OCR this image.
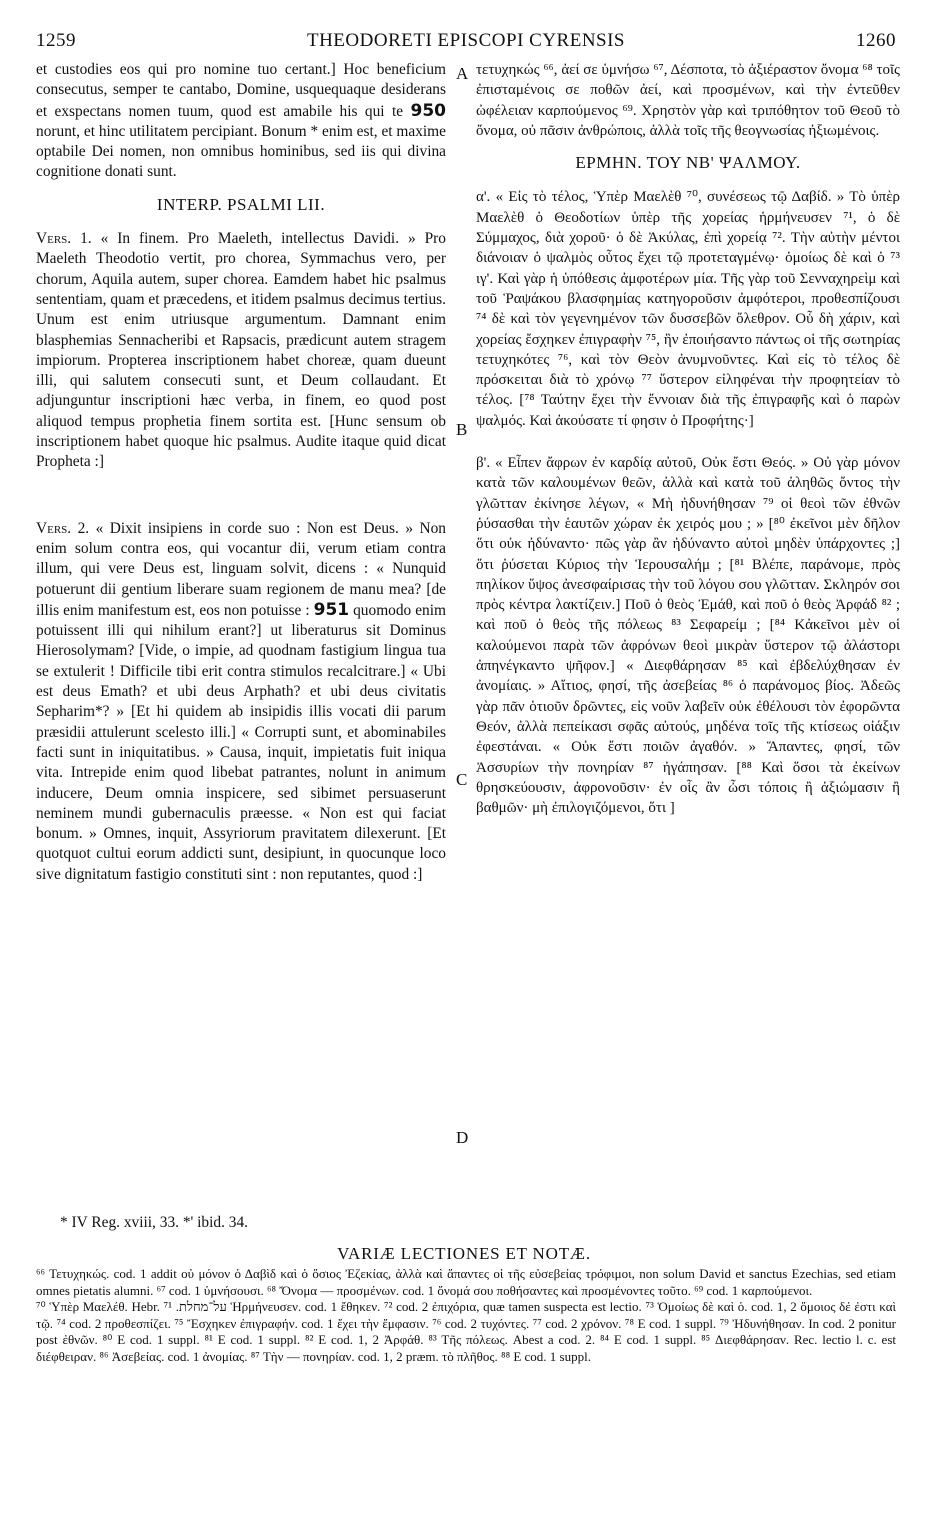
1259	THEODORETI EPISCOPI CYRENSIS	1260

et custodies eos qui pro nomine tuo certant.] Hoc beneficium consecutus, semper te cantabo, Domine, usquequaque desiderans et exspectans nomen tuum, quod est amabile his qui te 950 norunt, et hinc utilitatem percipiant. Bonum * enim est, et maxime optabile Dei nomen, non omnibus hominibus, sed iis qui divina cognitione donati sunt.

INTERP. PSALMI LII.

Vers. 1. « In finem. Pro Maeleth, intellectus Davidi. » Pro Maeleth Theodotio vertit, pro chorea, Symmachus vero, per chorum, Aquila autem, super chorea. Eamdem habet hic psalmus sententiam, quam et præcedens, et itidem psalmus decimus tertius. Unum est enim utriusque argumentum. Damnant enim blasphemias Sennacheribi et Rapsacis, prædicunt autem stragem impiorum. Propterea inscriptionem habet choreæ, quam dueunt illi, qui salutem consecuti sunt, et Deum collaudant. Et adjunguntur inscriptioni hæc verba, in finem, eo quod post aliquod tempus prophetia finem sortita est. [Hunc sensum ob inscriptionem habet quoque hic psalmus. Audite itaque quid dicat Propheta :]

Vers. 2. « Dixit insipiens in corde suo : Non est Deus. » Non enim solum contra eos, qui vocantur dii, verum etiam contra illum, qui vere Deus est, linguam solvit, dicens : « Nunquid potuerunt dii gentium liberare suam regionem de manu mea? [de illis enim manifestum est, eos non potuisse : 951 quomodo enim potuissent illi qui nihilum erant?] ut liberaturus sit Dominus Hierosolymam? [Vide, o impie, ad quodnam fastigium lingua tua se extulerit ! Difficile tibi erit contra stimulos recalcitrare.] « Ubi est deus Emath? et ubi deus Arphath? et ubi deus civitatis Sepharim*? » [Et hi quidem ab insipidis illis vocati dii parum præsidii attulerunt scelesto illi.] « Corrupti sunt, et abominabiles facti sunt in iniquitatibus. » Causa, inquit, impietatis fuit iniqua vita. Intrepide enim quod libebat patrantes, nolunt in animum inducere, Deum omnia inspicere, sed sibimet persuaserunt neminem mundi gubernaculis præesse. « Non est qui faciat bonum. » Omnes, inquit, Assyriorum pravitatem dilexerunt. [Et quotquot cultui eorum addicti sunt, desipiunt, in quocunque loco sive dignitatum fastigio constituti sint : non reputantes, quod :]

A
B
C
D

τετυχηκώς ⁶⁶, ἀεί σε ὑμνήσω ⁶⁷, Δέσποτα, τὸ ἀξιέραστον ὄνομα ⁶⁸ τοῖς ἐπισταμένοις σε ποθῶν ἀεί, καὶ προσμένων, καὶ τὴν ἐντεῦθεν ὠφέλειαν καρπούμενος ⁶⁹. Χρηστὸν γὰρ καὶ τριπόθητον τοῦ Θεοῦ τὸ ὄνομα, οὐ πᾶσιν ἀνθρώποις, ἀλλὰ τοῖς τῆς θεογνωσίας ἠξιωμένοις.

ΕΡΜΗΝ. ΤΟΥ ΝΒ' ΨΑΛΜΟΥ.

α'. « Εἰς τὸ τέλος, Ὑπὲρ Μαελὲθ ⁷⁰, συνέσεως τῷ Δαβίδ. » Τὸ ὑπὲρ Μαελὲθ ὁ Θεοδοτίων ὑπὲρ τῆς χορείας ἡρμήνευσεν ⁷¹, ὁ δὲ Σύμμαχος, διὰ χοροῦ· ὁ δὲ Ἀκύλας, ἐπὶ χορείᾳ ⁷². Τὴν αὐτὴν μέντοι διάνοιαν ὁ ψαλμὸς οὗτος ἔχει τῷ προτεταγμένῳ· ὁμοίως δὲ καὶ ὁ ⁷³ ιγ'. Καὶ γὰρ ἡ ὑπόθεσις ἀμφοτέρων μία. Τῆς γὰρ τοῦ Σενναχηρεὶμ καὶ τοῦ Ῥαψάκου βλασφημίας κατηγοροῦσιν ἀμφότεροι, προθεσπίζουσι ⁷⁴ δὲ καὶ τὸν γεγενημένον τῶν δυσσεβῶν ὄλεθρον. Οὗ δὴ χάριν, καὶ χορείας ἔσχηκεν ἐπιγραφὴν ⁷⁵, ἣν ἐποιήσαντο πάντως οἱ τῆς σωτηρίας τετυχηκότες ⁷⁶, καὶ τὸν Θεὸν ἀνυμνοῦντες. Καὶ εἰς τὸ τέλος δὲ πρόσκειται διὰ τὸ χρόνῳ ⁷⁷ ὕστερον εἰληφέναι τὴν προφητείαν τὸ τέλος. [⁷⁸ Ταύτην ἔχει τὴν ἔννοιαν διὰ τῆς ἐπιγραφῆς καὶ ὁ παρὼν ψαλμός. Καὶ ἀκούσατε τί φησιν ὁ Προφήτης·]

β'. « Εἶπεν ἄφρων ἐν καρδίᾳ αὐτοῦ, Οὐκ ἔστι Θεός. » Οὐ γὰρ μόνον κατὰ τῶν καλουμένων θεῶν, ἀλλὰ καὶ κατὰ τοῦ ἀληθῶς ὄντος τὴν γλῶτταν ἐκίνησε λέγων, « Μὴ ἠδυνήθησαν ⁷⁹ οἱ θεοὶ τῶν ἐθνῶν ῥύσασθαι τὴν ἑαυτῶν χώραν ἐκ χειρός μου ; » [⁸⁰ ἐκεῖνοι μὲν δῆλον ὅτι οὐκ ἠδύναντο· πῶς γὰρ ἂν ἠδύναντο αὐτοὶ μηδὲν ὑπάρχοντες ;] ὅτι ῥύσεται Κύριος τὴν Ἱερουσαλήμ ; [⁸¹ Βλέπε, παράνομε, πρὸς πηλίκον ὕψος ἀνεσφαίρισας τὴν τοῦ λόγου σου γλῶτταν. Σκληρόν σοι πρὸς κέντρα λακτίζειν.] Ποῦ ὁ θεὸς Ἐμάθ, καὶ ποῦ ὁ θεὸς Ἀρφάδ ⁸² ; καὶ ποῦ ὁ θεὸς τῆς πόλεως ⁸³ Σεφαρείμ ; [⁸⁴ Κἀκεῖνοι μὲν οἱ καλούμενοι παρὰ τῶν ἀφρόνων θεοὶ μικρὰν ὕστερον τῷ ἀλάστορι ἀπηνέγκαντο ψῆφον.] « Διεφθάρησαν ⁸⁵ καὶ ἐβδελύχθησαν ἐν ἀνομίαις. » Αἴτιος, φησί, τῆς ἀσεβείας ⁸⁶ ὁ παράνομος βίος. Ἀδεῶς γὰρ πᾶν ὁτιοῦν δρῶντες, εἰς νοῦν λαβεῖν οὐκ ἐθέλουσι τὸν ἐφορῶντα Θεόν, ἀλλὰ πεπείκασι σφᾶς αὐτούς, μηδένα τοῖς τῆς κτίσεως οἰάξιν ἐφεστάναι. « Οὐκ ἔστι ποιῶν ἀγαθόν. » Ἅπαντες, φησί, τῶν Ἀσσυρίων τὴν πονηρίαν ⁸⁷ ἠγάπησαν. [⁸⁸ Καὶ ὅσοι τὰ ἐκείνων θρησκεύουσιν, ἀφρονοῦσιν· ἐν οἷς ἂν ὦσι τόποις ἢ ἀξιώμασιν ἢ βαθμῶν· μὴ ἐπιλογιζόμενοι, ὅτι ]

* IV Reg. xviii, 33. *' ibid. 34.
VARIÆ LECTIONES ET NOTÆ.

⁶⁶ Τετυχηκώς. cod. 1 addit οὐ μόνον ὁ Δαβὶδ καὶ ὁ ὅσιος Ἐζεκίας, ἀλλὰ καὶ ἅπαντες οἱ τῆς εὐσεβείας τρόφιμοι, non solum David et sanctus Ezechias, sed etiam omnes pietatis alumni. ⁶⁷ cod. 1 ὑμνήσουσι. ⁶⁸ Ὄνομα — προσμένων. cod. 1 ὄνομά σου ποθήσαντες καὶ προσμένοντες τοῦτο. ⁶⁹ cod. 1 καρπούμενοι.

⁷⁰ Ὑπὲρ Μαελέθ. Hebr. על־מחלת. ⁷¹ Ἡρμήνευσεν. cod. 1 ἔθηκεν. ⁷² cod. 2 ἐπιχόρια, quæ tamen suspecta est lectio. ⁷³ Ὁμοίως δὲ καὶ ὁ. cod. 1, 2 ὅμοιος δέ ἐστι καὶ τῷ. ⁷⁴ cod. 2 προθεσπίζει. ⁷⁵ Ἔσχηκεν ἐπιγραφήν. cod. 1 ἔχει τὴν ἔμφασιν. ⁷⁶ cod. 2 τυχόντες. ⁷⁷ cod. 2 χρόνον. ⁷⁸ E cod. 1 suppl. ⁷⁹ Ἠδυνήθησαν. In cod. 2 ponitur post ἐθνῶν. ⁸⁰ E cod. 1 suppl. ⁸¹ E cod. 1 suppl. ⁸² E cod. 1, 2 Ἀρφάθ. ⁸³ Τῆς πόλεως. Abest a cod. 2. ⁸⁴ E cod. 1 suppl. ⁸⁵ Διεφθάρησαν. Rec. lectio l. c. est διέφθειραν. ⁸⁶ Ἀσεβείας. cod. 1 ἀνομίας. ⁸⁷ Τὴν — πονηρίαν. cod. 1, 2 præm. τὸ πλῆθος. ⁸⁸ E cod. 1 suppl.
